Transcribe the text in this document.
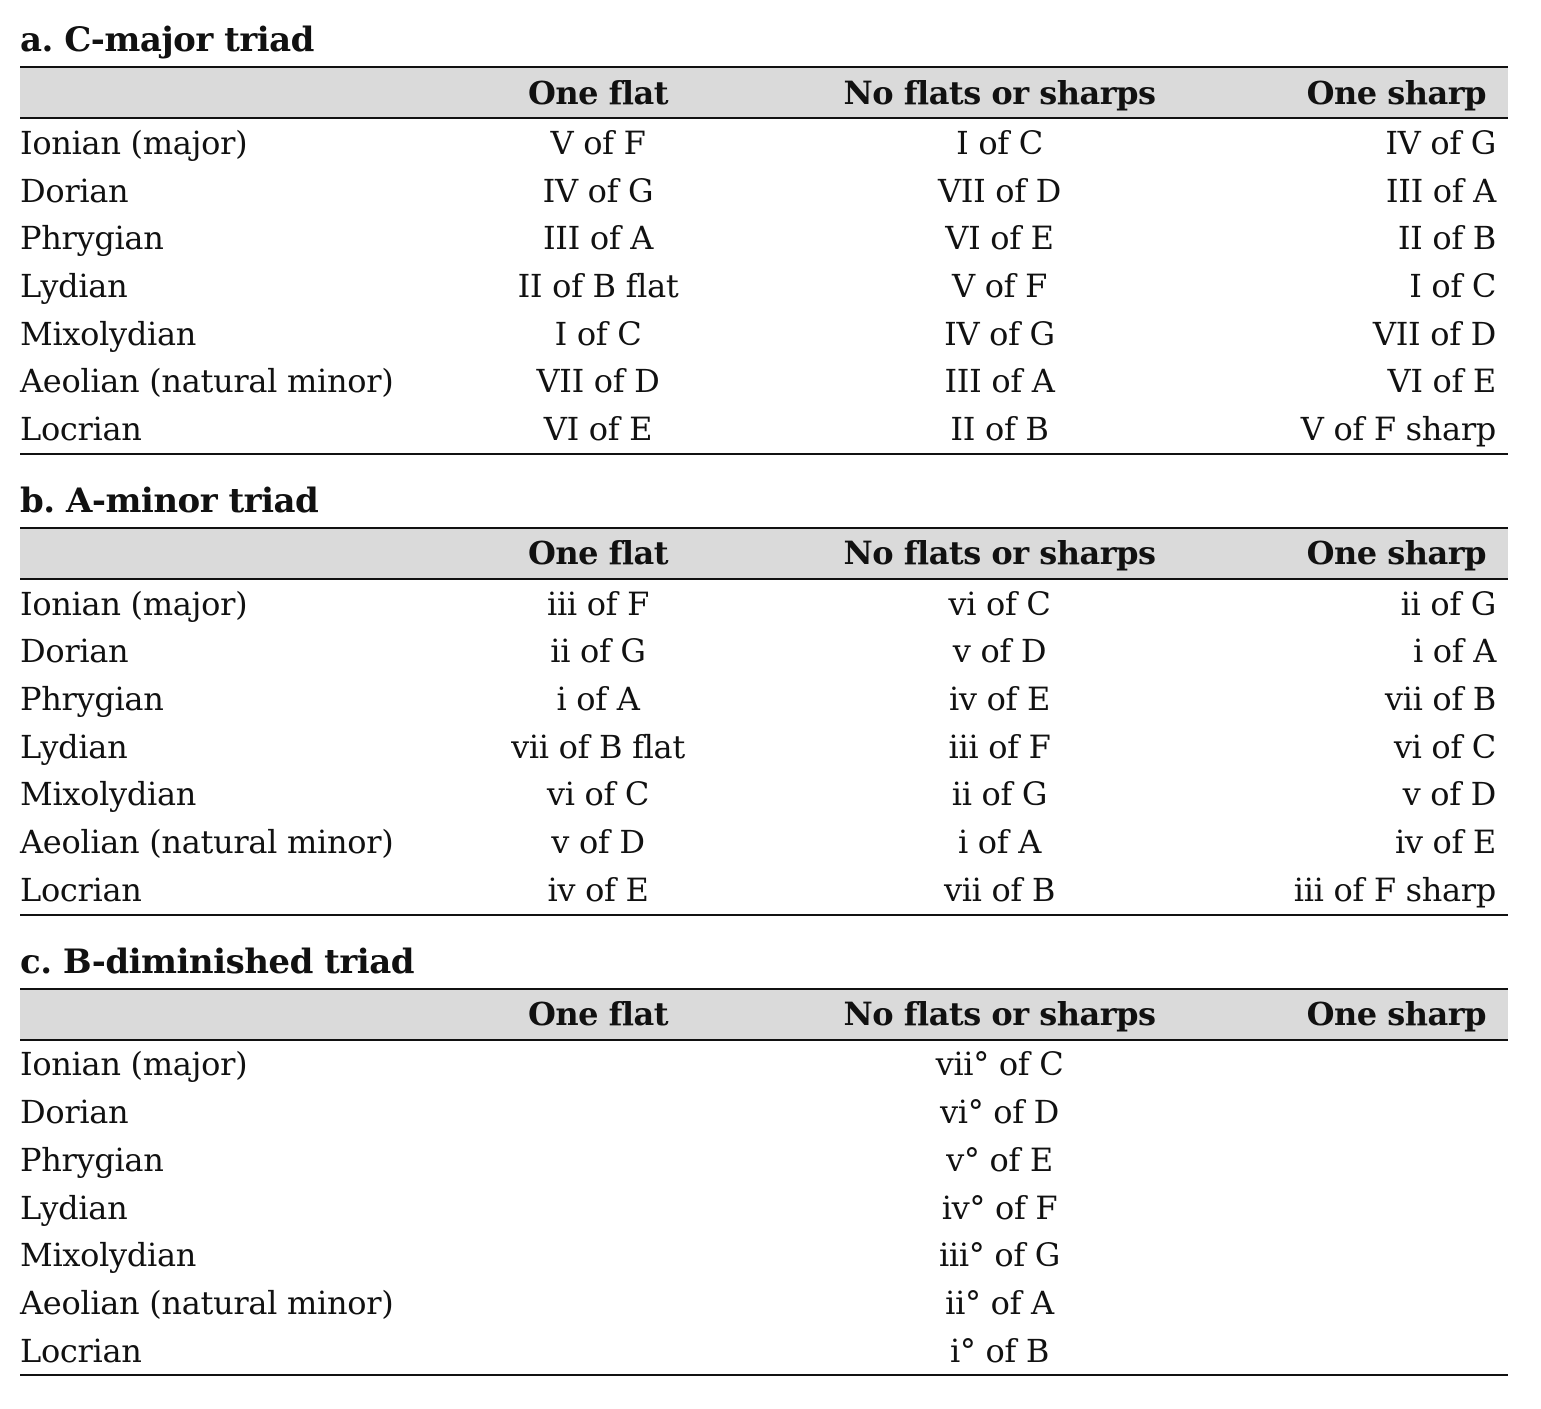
a. C-major triad
	One flat	No flats or sharps	One sharp
Ionian (major)	V of F	I of C	IV of G
Dorian	IV of G	VII of D	III of A
Phrygian	III of A	VI of E	II of B
Lydian	II of B flat	V of F	I of C
Mixolydian	I of C	IV of G	VII of D
Aeolian (natural minor)	VII of D	III of A	VI of E
Locrian	VI of E	II of B	V of F sharp
b. A-minor triad
	One flat	No flats or sharps	One sharp
Ionian (major)	iii of F	vi of C	ii of G
Dorian	ii of G	v of D	i of A
Phrygian	i of A	iv of E	vii of B
Lydian	vii of B flat	iii of F	vi of C
Mixolydian	vi of C	ii of G	v of D
Aeolian (natural minor)	v of D	i of A	iv of E
Locrian	iv of E	vii of B	iii of F sharp
c. B-diminished triad
	One flat	No flats or sharps	One sharp
Ionian (major)		vii° of C	
Dorian		vi° of D	
Phrygian		v° of E	
Lydian		iv° of F	
Mixolydian		iii° of G	
Aeolian (natural minor)		ii° of A	
Locrian		i° of B	
